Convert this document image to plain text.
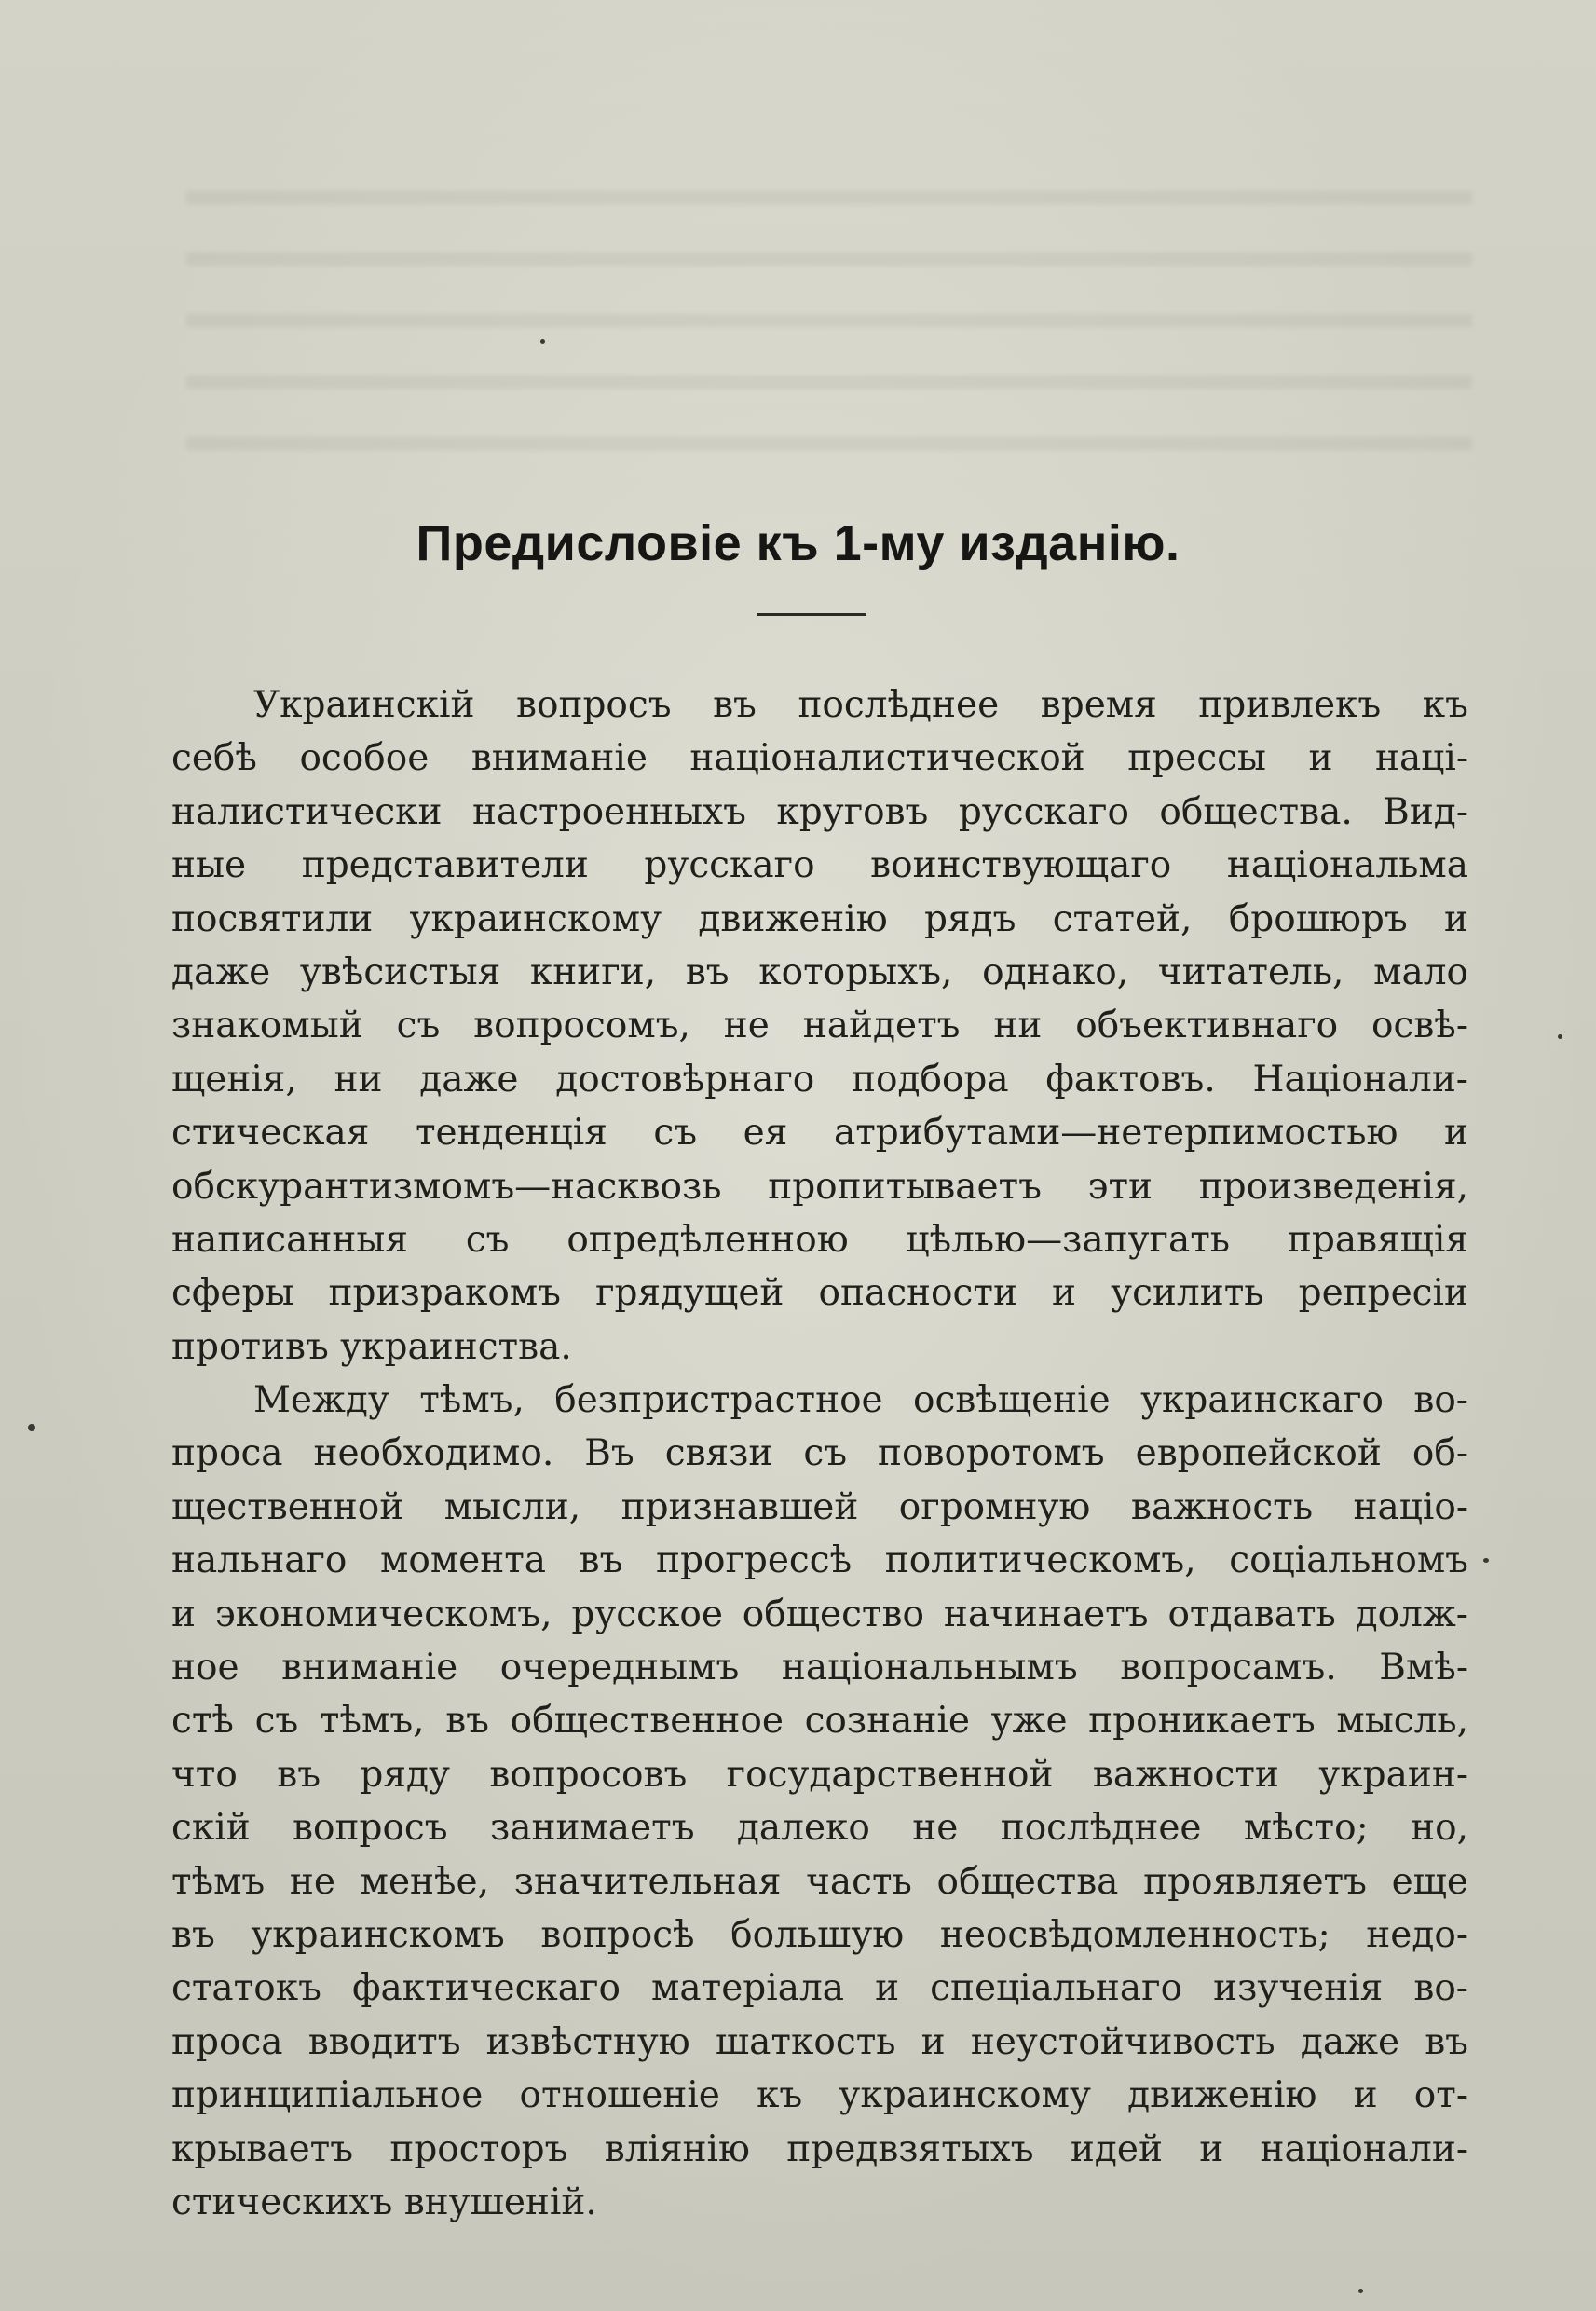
Предисловіе къ 1-му изданію.
Украинскій вопросъ въ послѣднее время привлекъ къ
себѣ особое вниманіе націоналистической прессы и наці-
налистически настроенныхъ круговъ русскаго общества. Вид-
ные представители русскаго воинствующаго національма
посвятили украинскому движенію рядъ статей, брошюръ и
даже увѣсистыя книги, въ которыхъ, однако, читатель, мало
знакомый съ вопросомъ, не найдетъ ни объективнаго освѣ-
щенія, ни даже достовѣрнаго подбора фактовъ. Націонали-
стическая тенденція съ ея атрибутами—нетерпимостью и
обскурантизмомъ—насквозь пропитываетъ эти произведенія,
написанныя съ опредѣленною цѣлью—запугать правящія
сферы призракомъ грядущей опасности и усилить репресіи
противъ украинства.
Между тѣмъ, безпристрастное освѣщеніе украинскаго во-
проса необходимо. Въ связи съ поворотомъ европейской об-
щественной мысли, признавшей огромную важность націо-
нальнаго момента въ прогрессѣ политическомъ, соціальномъ
и экономическомъ, русское общество начинаетъ отдавать долж-
ное вниманіе очереднымъ національнымъ вопросамъ. Вмѣ-
стѣ съ тѣмъ, въ общественное сознаніе уже проникаетъ мысль,
что въ ряду вопросовъ государственной важности украин-
скій вопросъ занимаетъ далеко не послѣднее мѣсто; но,
тѣмъ не менѣе, значительная часть общества проявляетъ еще
въ украинскомъ вопросѣ большую неосвѣдомленность; недо-
статокъ фактическаго матеріала и спеціальнаго изученія во-
проса вводитъ извѣстную шаткость и неустойчивость даже въ
принципіальное отношеніе къ украинскому движенію и от-
крываетъ просторъ вліянію предвзятыхъ идей и націонали-
стическихъ внушеній.
